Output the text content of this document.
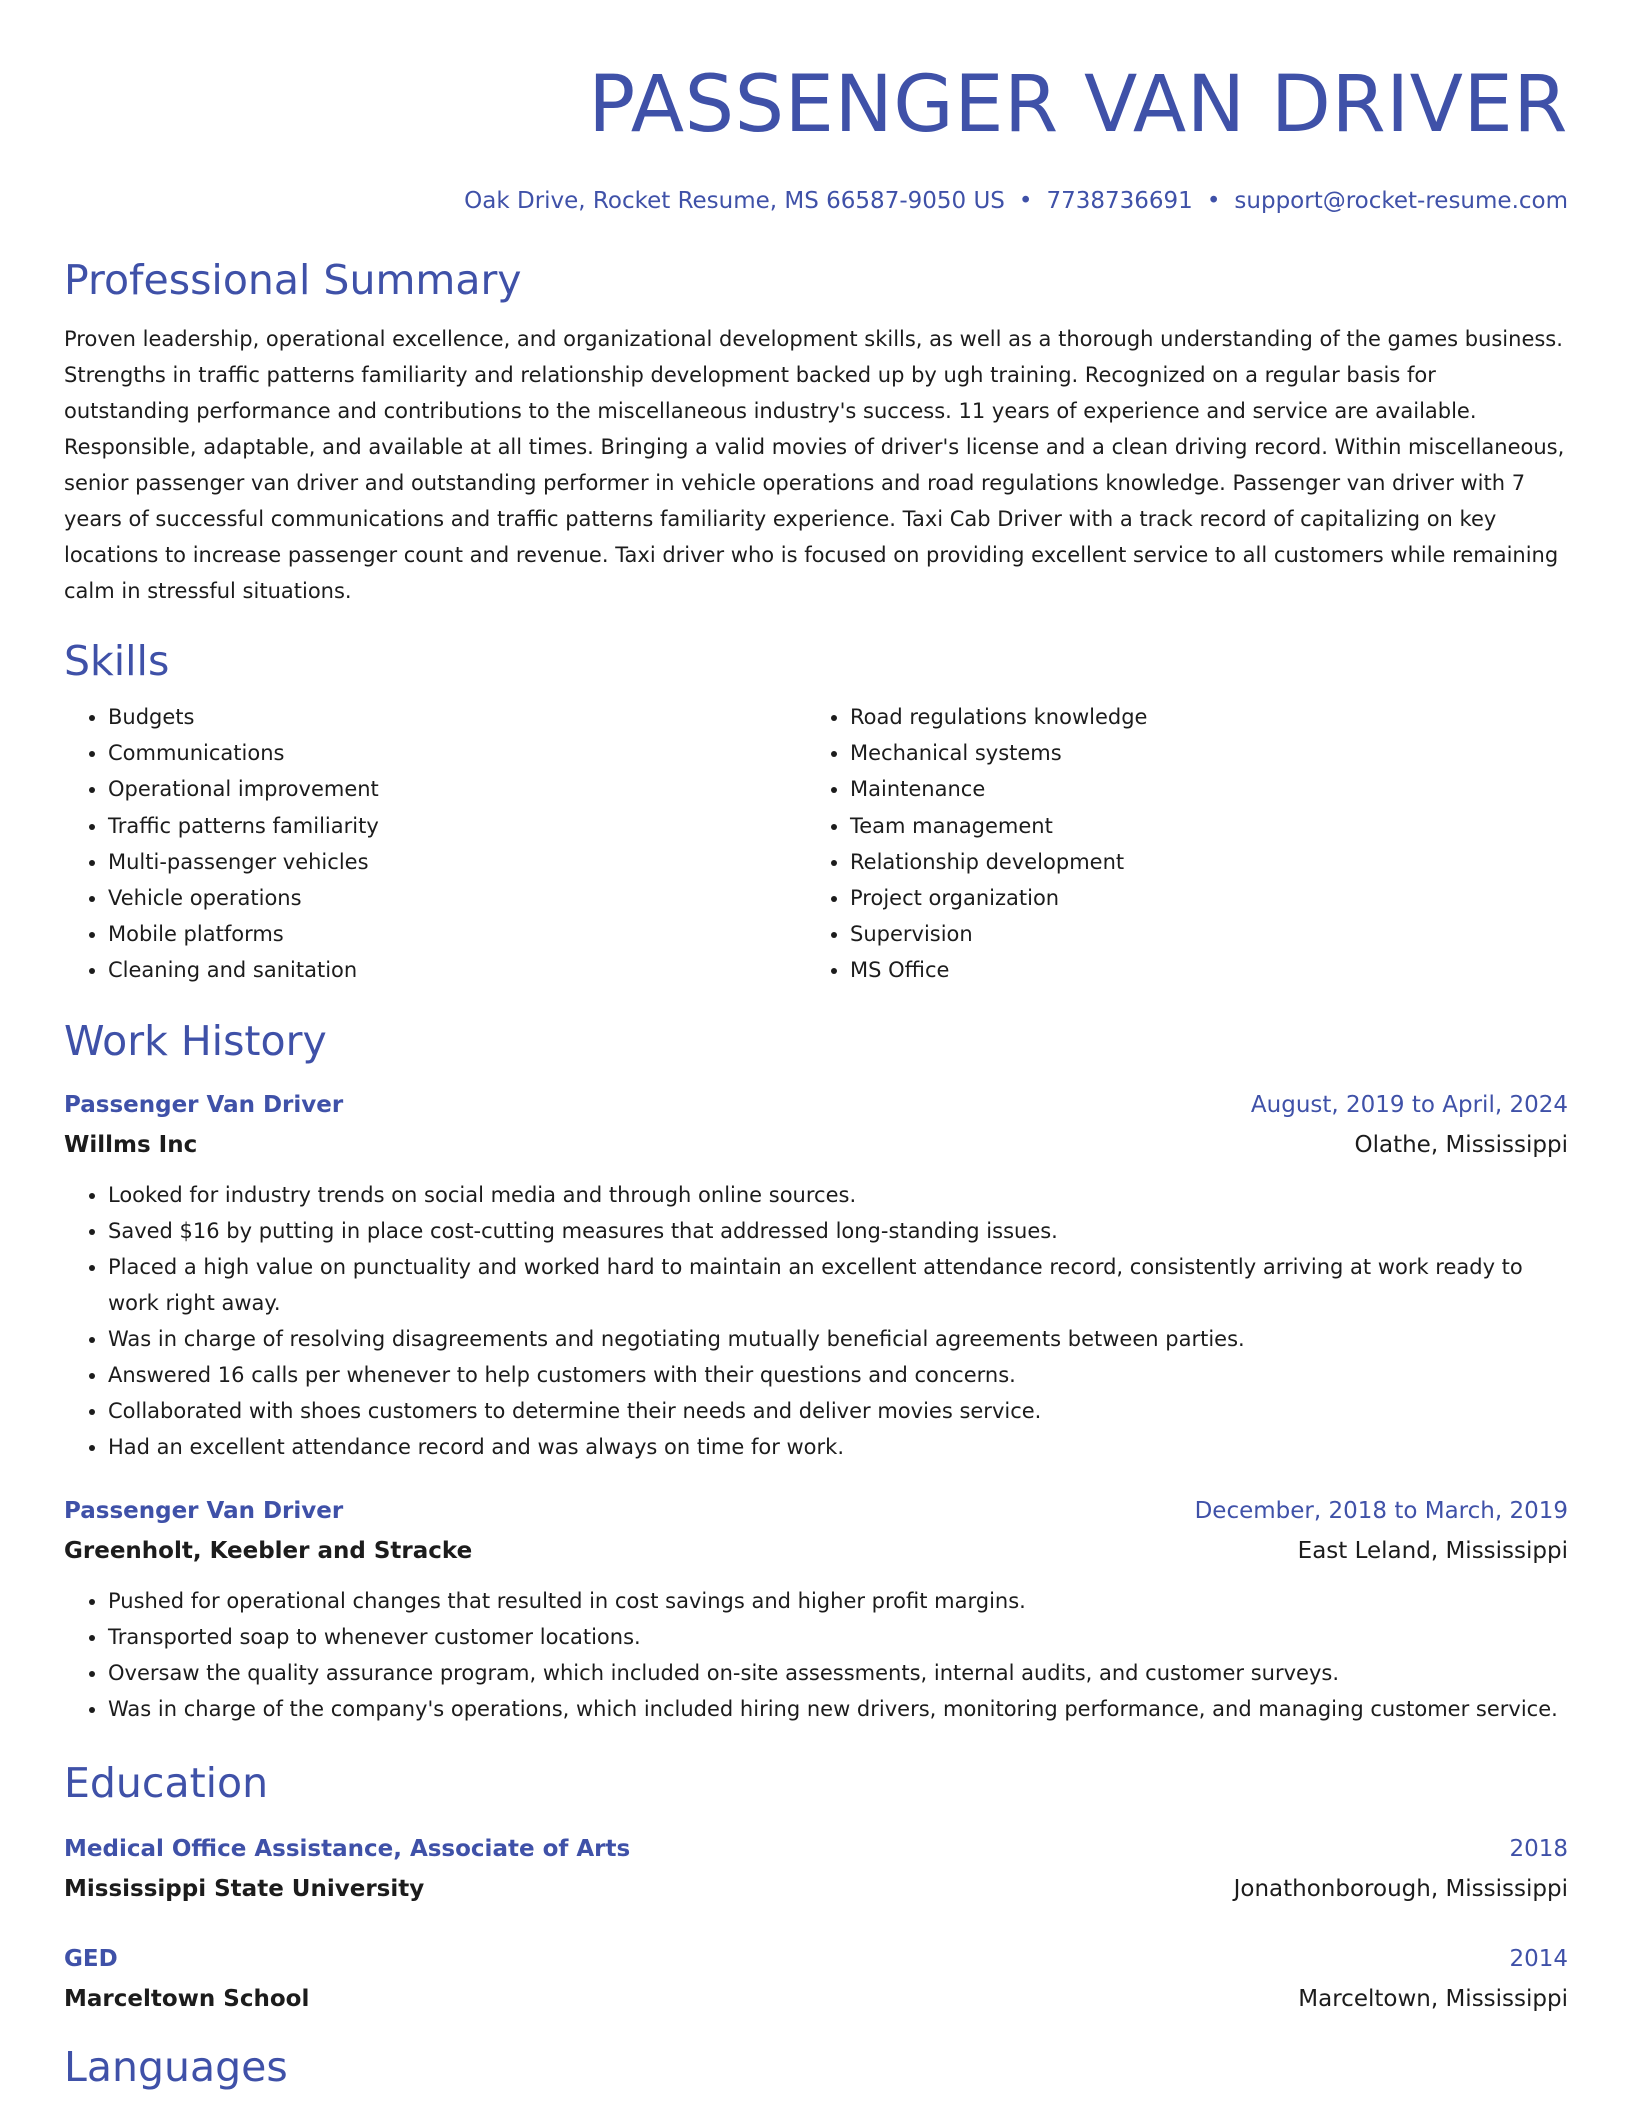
PASSENGER VAN DRIVER
Oak Drive, Rocket Resume, MS 66587-9050 US • 7738736691 • support@rocket-resume.com
Professional Summary

Proven leadership, operational excellence, and organizational development skills, as well as a thorough understanding of the games business. Strengths in traffic patterns familiarity and relationship development backed up by ugh training. Recognized on a regular basis for outstanding performance and contributions to the miscellaneous industry's success. 11 years of experience and service are available. Responsible, adaptable, and available at all times. Bringing a valid movies of driver's license and a clean driving record. Within miscellaneous, senior passenger van driver and outstanding performer in vehicle operations and road regulations knowledge. Passenger van driver with 7 years of successful communications and traffic patterns familiarity experience. Taxi Cab Driver with a track record of capitalizing on key locations to increase passenger count and revenue. Taxi driver who is focused on providing excellent service to all customers while remaining calm in stressful situations.

Skills
• Budgets
• Communications
• Operational improvement
• Traffic patterns familiarity
• Multi-passenger vehicles
• Vehicle operations
• Mobile platforms
• Cleaning and sanitation
• Road regulations knowledge
• Mechanical systems
• Maintenance
• Team management
• Relationship development
• Project organization
• Supervision
• MS Office
Work History
Passenger Van Driver	August, 2019 to April, 2024
Willms Inc	Olathe, Mississippi
• Looked for industry trends on social media and through online sources.
• Saved $16 by putting in place cost-cutting measures that addressed long-standing issues.
• Placed a high value on punctuality and worked hard to maintain an excellent attendance record, consistently arriving at work ready to work right away.
• Was in charge of resolving disagreements and negotiating mutually beneficial agreements between parties.
• Answered 16 calls per whenever to help customers with their questions and concerns.
• Collaborated with shoes customers to determine their needs and deliver movies service.
• Had an excellent attendance record and was always on time for work.
Passenger Van Driver	December, 2018 to March, 2019
Greenholt, Keebler and Stracke	East Leland, Mississippi
• Pushed for operational changes that resulted in cost savings and higher profit margins.
• Transported soap to whenever customer locations.
• Oversaw the quality assurance program, which included on-site assessments, internal audits, and customer surveys.
• Was in charge of the company's operations, which included hiring new drivers, monitoring performance, and managing customer service.
Education
Medical Office Assistance, Associate of Arts	2018
Mississippi State University	Jonathonborough, Mississippi
GED	2014
Marceltown School	Marceltown, Mississippi
Languages
